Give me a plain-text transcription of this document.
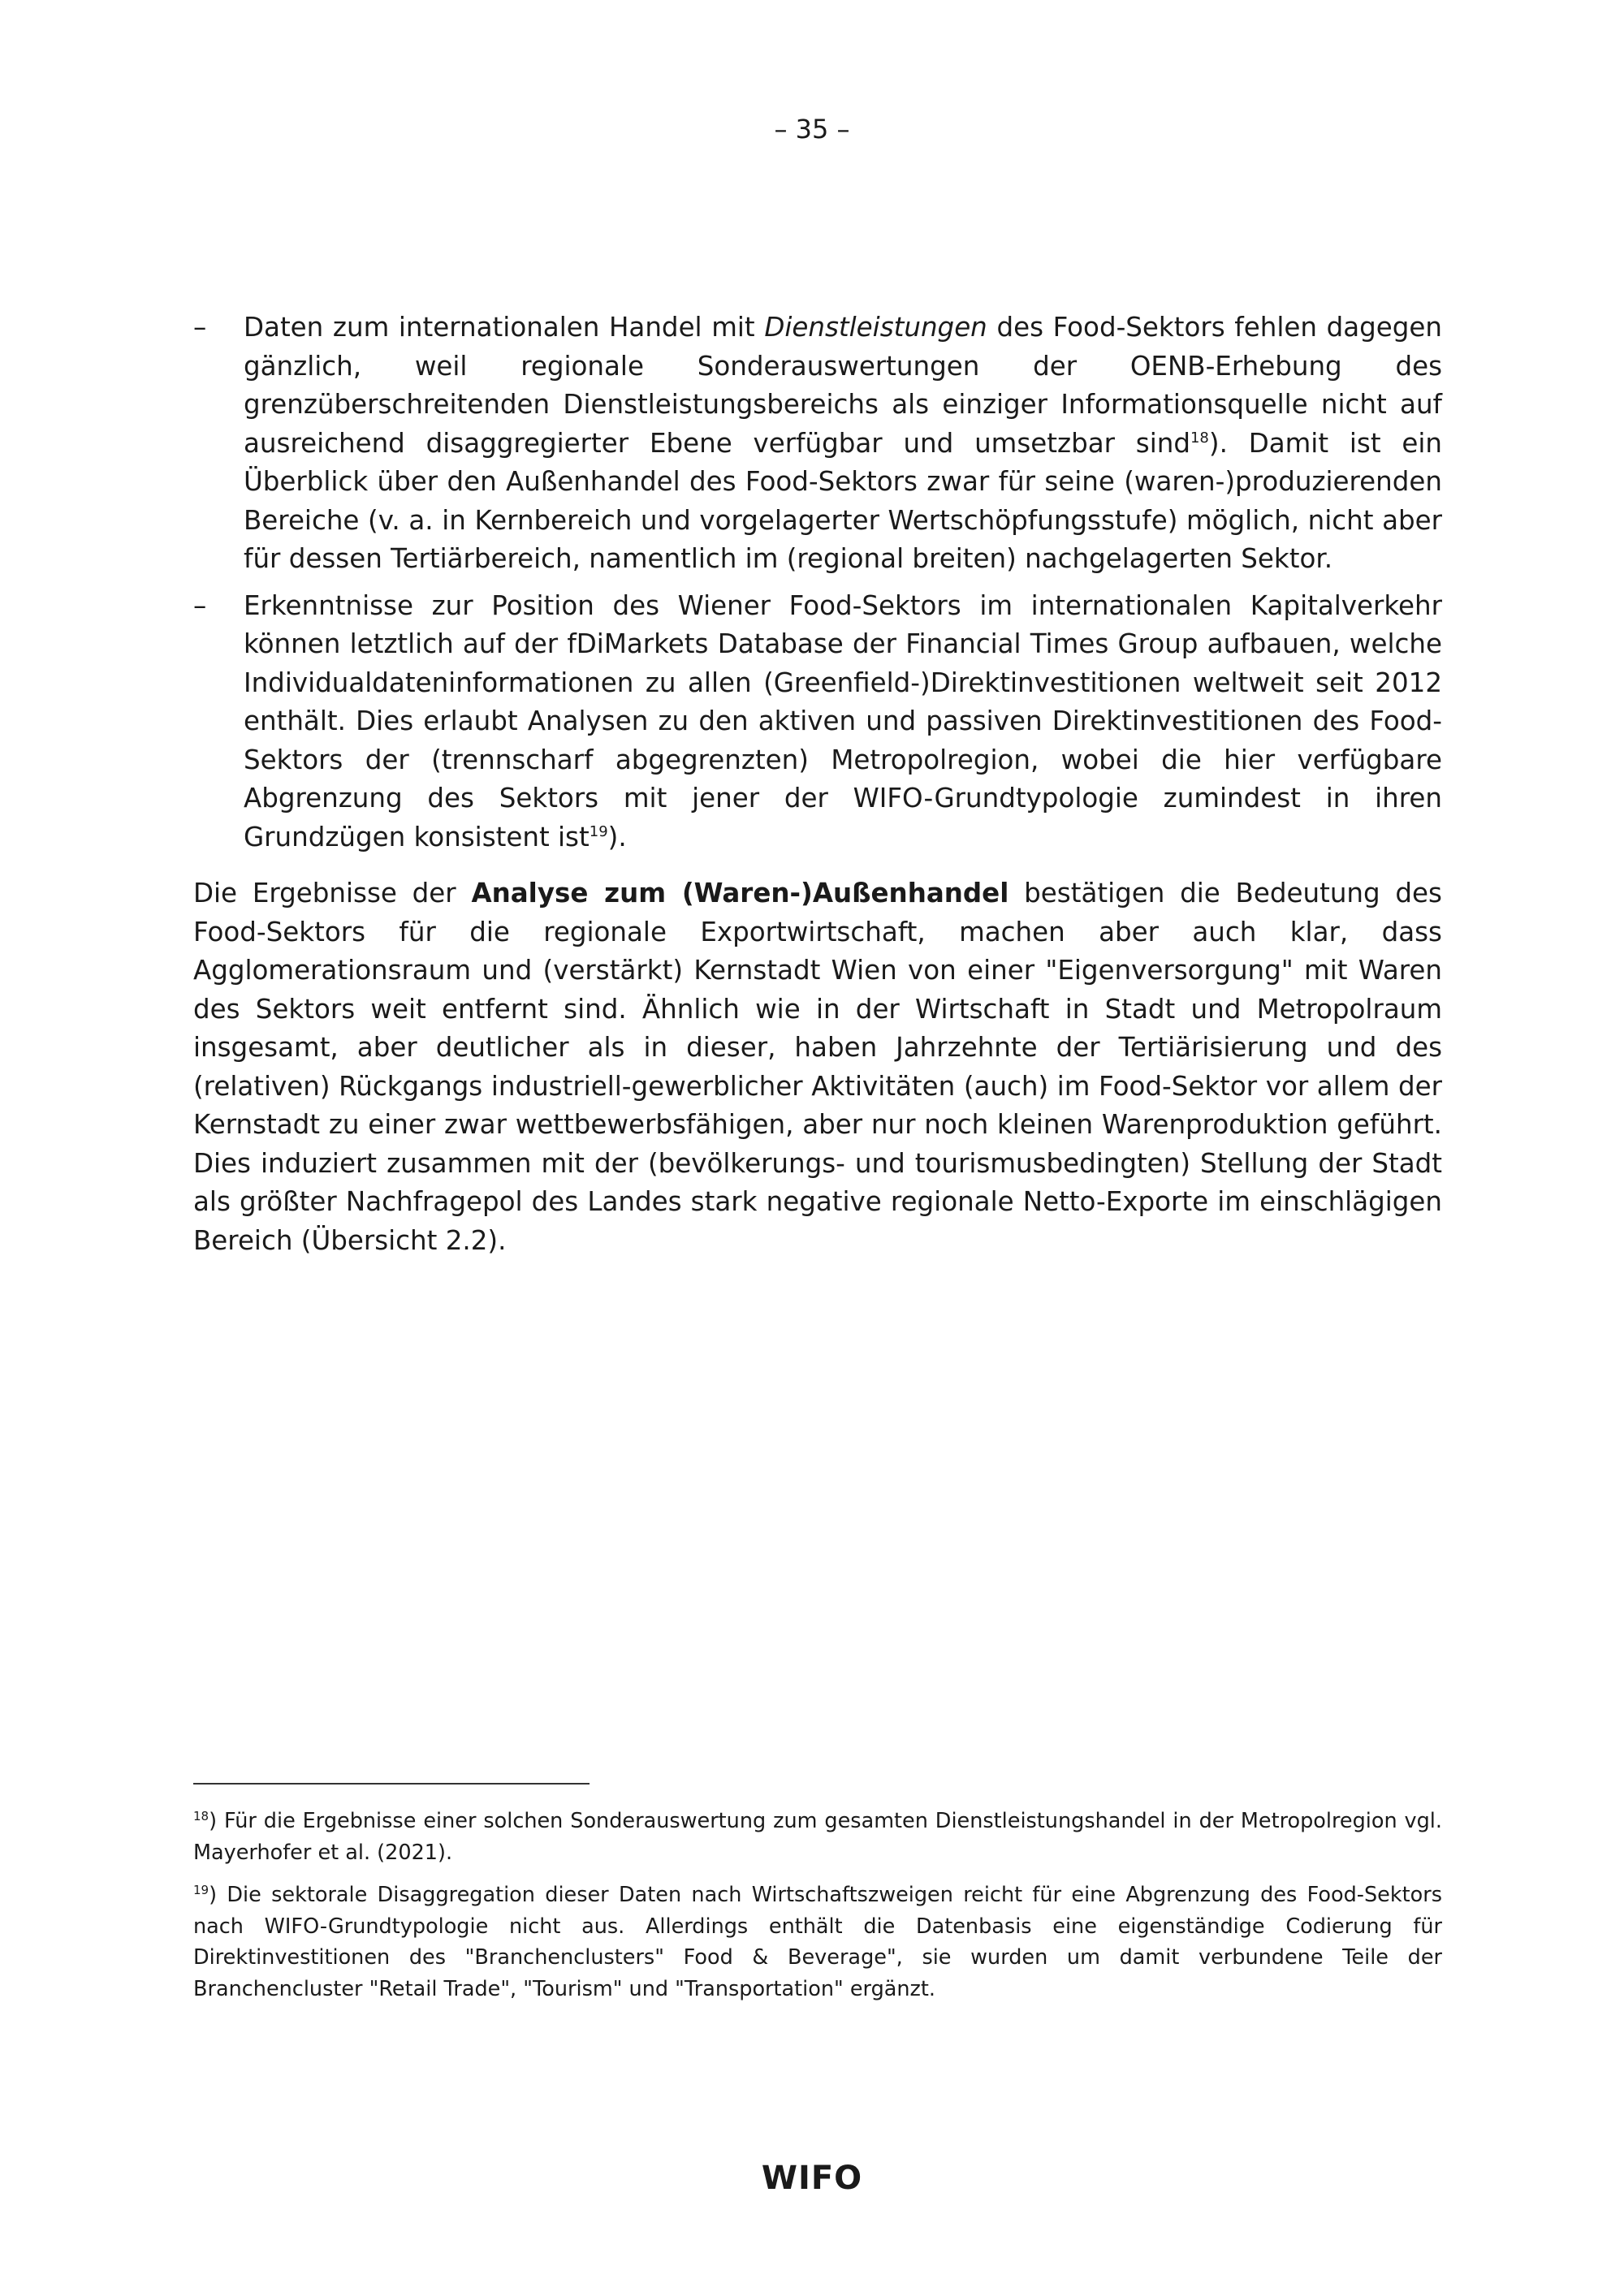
– 35 –
– Daten zum internationalen Handel mit Dienstleistungen des Food-Sektors fehlen dagegen gänzlich, weil regionale Sonderauswertungen der OENB-Erhebung des grenzüberschreitenden Dienstleistungsbereichs als einziger Informationsquelle nicht auf ausreichend disaggregierter Ebene verfügbar und umsetzbar sind$^{18}$). Damit ist ein Überblick über den Außenhandel des Food-Sektors zwar für seine (waren-)produzierenden Bereiche (v. a. in Kernbereich und vorgelagerter Wertschöpfungsstufe) möglich, nicht aber für dessen Tertiärbereich, namentlich im (regional breiten) nachgelagerten Sektor.
– Erkenntnisse zur Position des Wiener Food-Sektors im internationalen Kapitalverkehr können letztlich auf der fDiMarkets Database der Financial Times Group aufbauen, welche Individualdateninformationen zu allen (Greenfield-)Direktinvestitionen weltweit seit 2012 enthält. Dies erlaubt Analysen zu den aktiven und passiven Direktinvestitionen des Food-Sektors der (trennscharf abgegrenzten) Metropolregion, wobei die hier verfügbare Abgrenzung des Sektors mit jener der WIFO-Grundtypologie zumindest in ihren Grundzügen konsistent ist$^{19}$).
Die Ergebnisse der Analyse zum (Waren-)Außenhandel bestätigen die Bedeutung des Food-Sektors für die regionale Exportwirtschaft, machen aber auch klar, dass Agglomerationsraum und (verstärkt) Kernstadt Wien von einer "Eigenversorgung" mit Waren des Sektors weit entfernt sind. Ähnlich wie in der Wirtschaft in Stadt und Metropolraum insgesamt, aber deutlicher als in dieser, haben Jahrzehnte der Tertiärisierung und des (relativen) Rückgangs industriell-gewerblicher Aktivitäten (auch) im Food-Sektor vor allem der Kernstadt zu einer zwar wettbewerbsfähigen, aber nur noch kleinen Warenproduktion geführt. Dies induziert zusammen mit der (bevölkerungs- und tourismusbedingten) Stellung der Stadt als größter Nachfragepol des Landes stark negative regionale Netto-Exporte im einschlägigen Bereich (Übersicht 2.2).
$^{18}$) Für die Ergebnisse einer solchen Sonderauswertung zum gesamten Dienstleistungshandel in der Metropolregion vgl. Mayerhofer et al. (2021).
$^{19}$) Die sektorale Disaggregation dieser Daten nach Wirtschaftszweigen reicht für eine Abgrenzung des Food-Sektors nach WIFO-Grundtypologie nicht aus. Allerdings enthält die Datenbasis eine eigenständige Codierung für Direktinvestitionen des "Branchenclusters" Food & Beverage", sie wurden um damit verbundene Teile der Branchencluster "Retail Trade", "Tourism" und "Transportation" ergänzt.
WIFO
